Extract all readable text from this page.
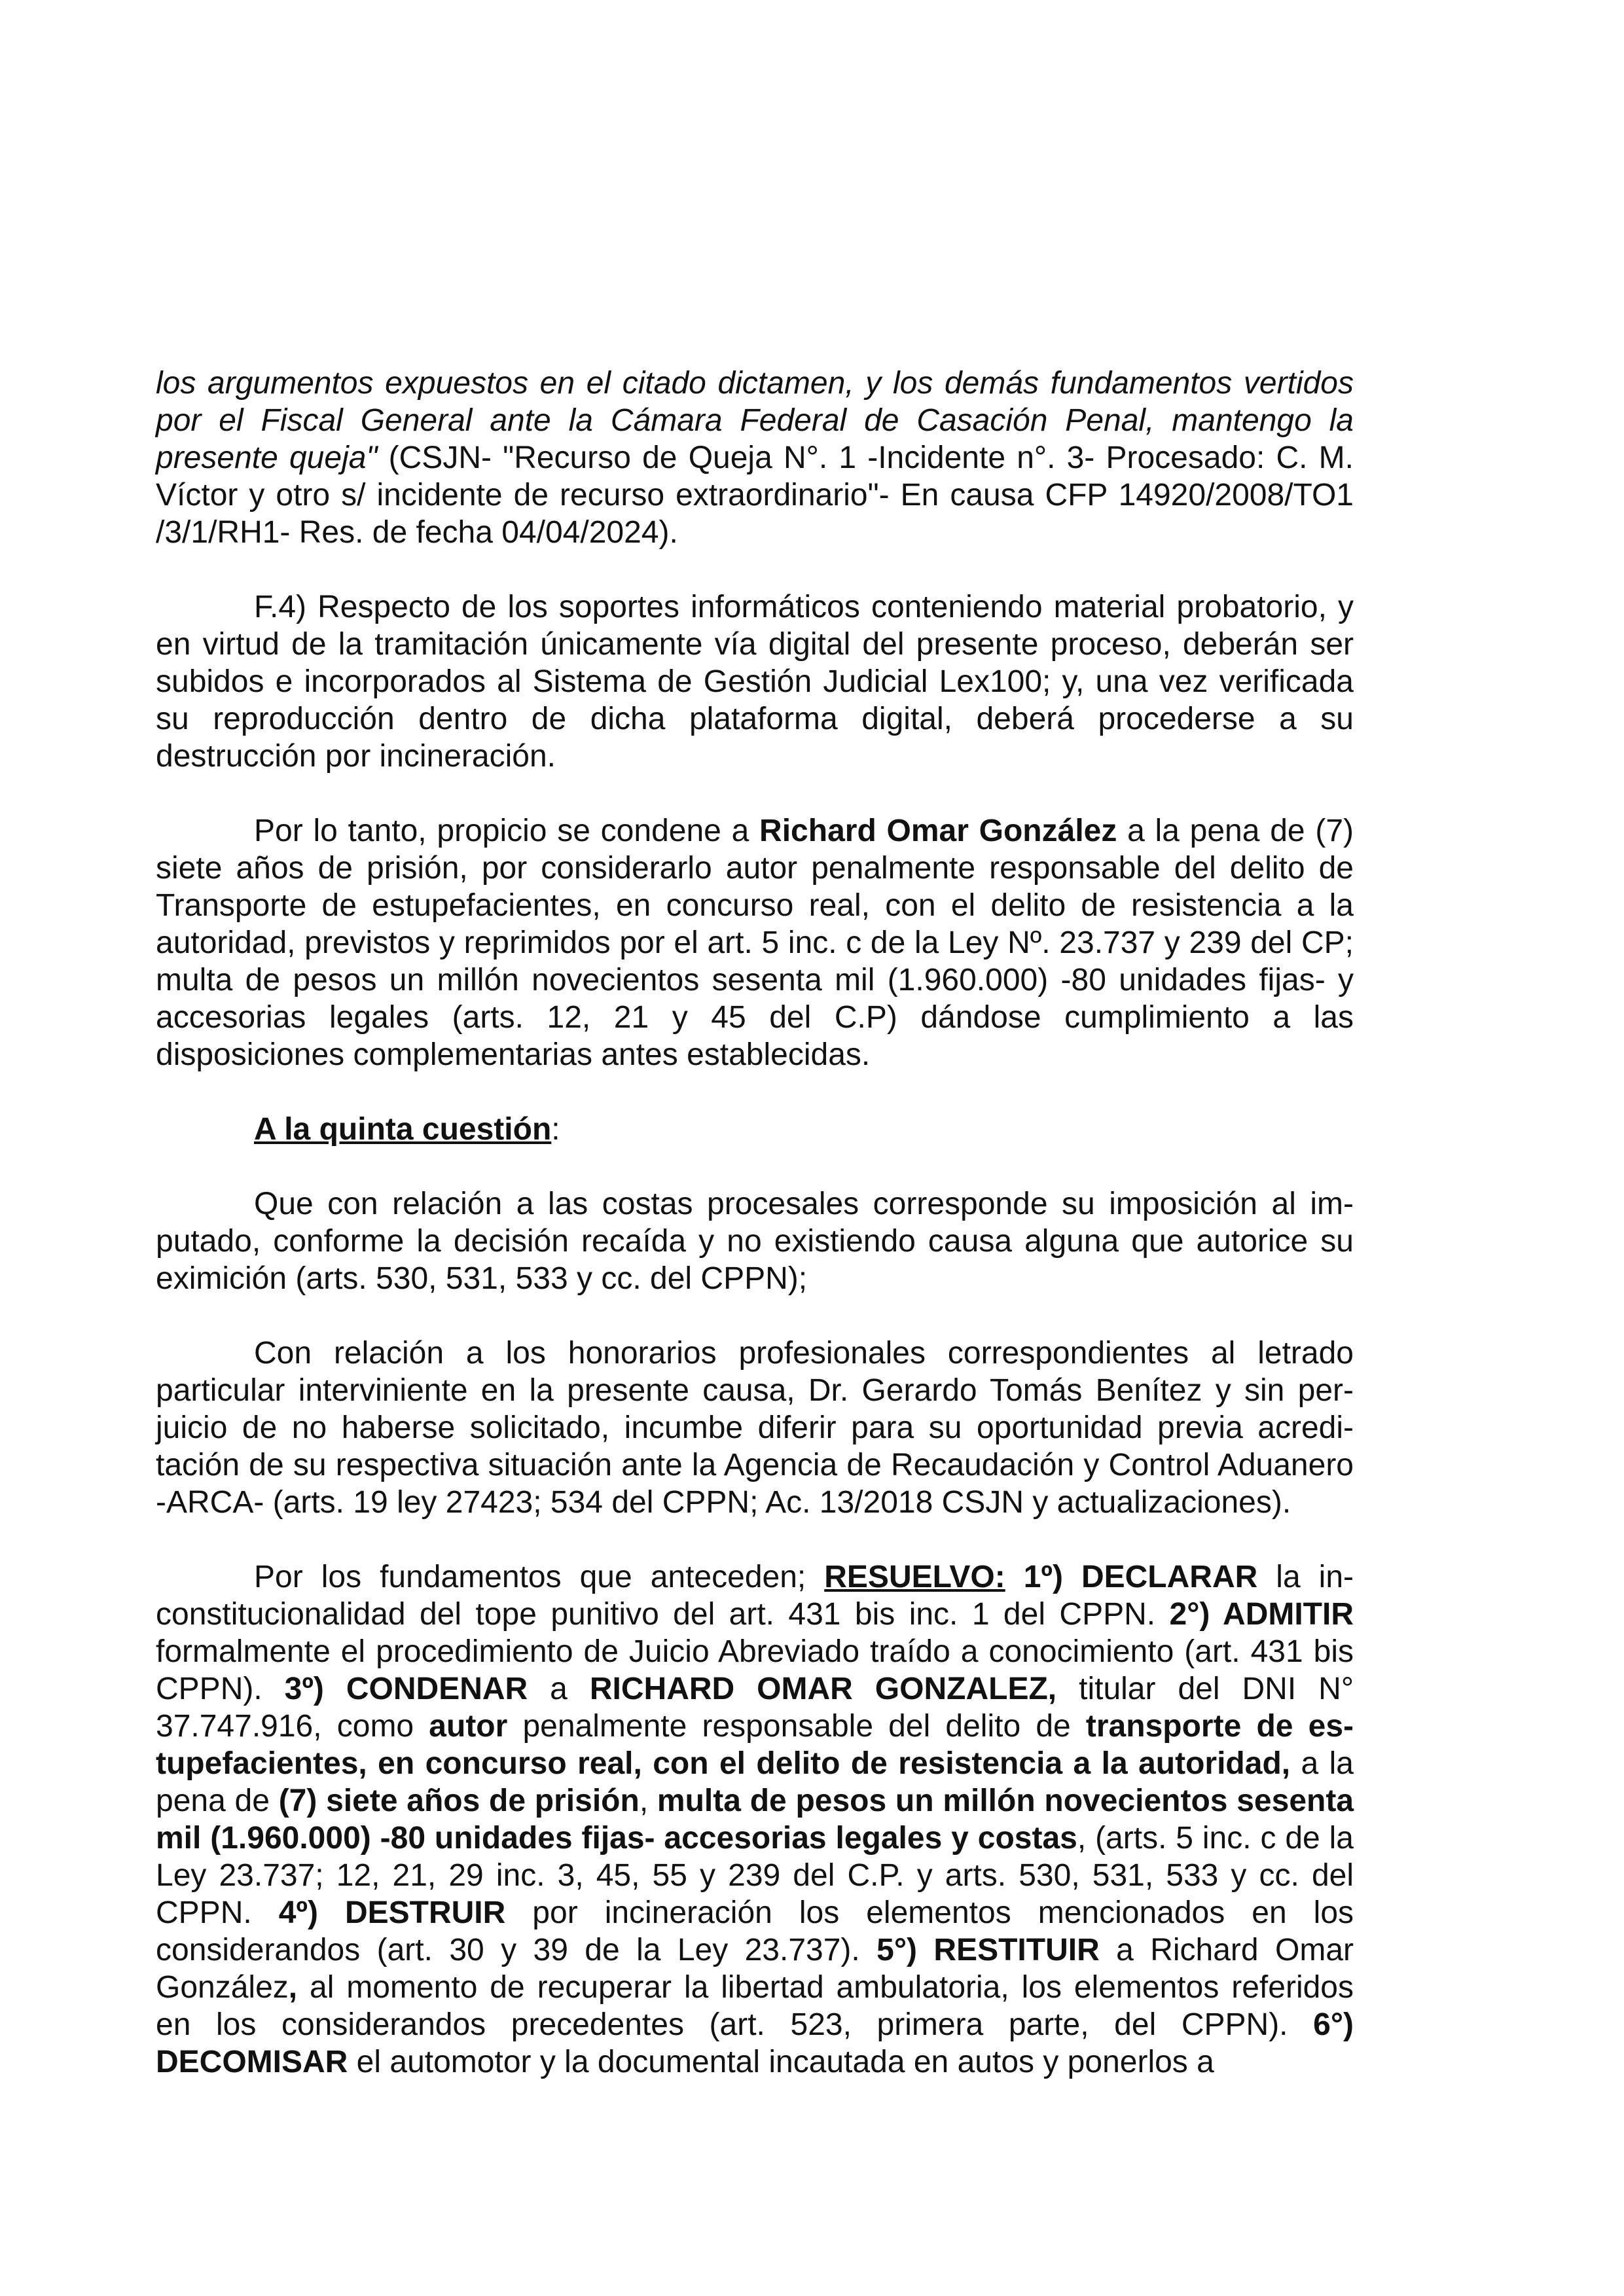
los argumentos expuestos en el citado dictamen, y los demás fundamentos vertidos por el Fiscal General ante la Cámara Federal de Casación Penal, mantengo la presente queja" (CSJN- "Recurso de Queja N°. 1 -Incidente n°. 3- Procesado: C. M. Víctor y otro s/ incidente de recurso extraordinario"- En causa CFP 14920/2008/TO1 /3/1/RH1- Res. de fecha 04/04/2024).

F.4) Respecto de los soportes informáticos conteniendo material probatorio, y en virtud de la tramitación únicamente vía digital del presente proceso, deberán ser subidos e incorporados al Sistema de Gestión Judicial Lex100; y, una vez verificada su reproducción dentro de dicha plataforma digital, deberá procederse a su destrucción por incineración.

Por lo tanto, propicio se condene a Richard Omar González a la pena de (7) siete años de prisión, por considerarlo autor penalmente responsable del delito de Transporte de estupefacientes, en concurso real, con el delito de resistencia a la autoridad, previstos y reprimidos por el art. 5 inc. c de la Ley Nº. 23.737 y 239 del CP; multa de pesos un millón novecientos sesenta mil (1.960.000) -80 unidades fijas- y accesorias legales (arts. 12, 21 y 45 del C.P) dándose cumplimiento a las disposiciones complementarias antes establecidas.

A la quinta cuestión:

Que con relación a las costas procesales corresponde su imposición al imputado, conforme la decisión recaída y no existiendo causa alguna que autorice su eximición (arts. 530, 531, 533 y cc. del CPPN);

Con relación a los honorarios profesionales correspondientes al letrado particular interviniente en la presente causa, Dr. Gerardo Tomás Benítez y sin perjuicio de no haberse solicitado, incumbe diferir para su oportunidad previa acreditación de su respectiva situación ante la Agencia de Recaudación y Control Aduanero -ARCA- (arts. 19 ley 27423; 534 del CPPN; Ac. 13/2018 CSJN y actualizaciones).

Por los fundamentos que anteceden; RESUELVO: 1º) DECLARAR la inconstitucionalidad del tope punitivo del art. 431 bis inc. 1 del CPPN. 2°) ADMITIR formalmente el procedimiento de Juicio Abreviado traído a conocimiento (art. 431 bis CPPN). 3º) CONDENAR a RICHARD OMAR GONZALEZ, titular del DNI N° 37.747.916, como autor penalmente responsable del delito de transporte de estupefacientes, en concurso real, con el delito de resistencia a la autoridad, a la pena de (7) siete años de prisión, multa de pesos un millón novecientos sesenta mil (1.960.000) -80 unidades fijas- accesorias legales y costas, (arts. 5 inc. c de la Ley 23.737; 12, 21, 29 inc. 3, 45, 55 y 239 del C.P. y arts. 530, 531, 533 y cc. del CPPN. 4º) DESTRUIR por incineración los elementos mencionados en los considerandos (art. 30 y 39 de la Ley 23.737). 5°) RESTITUIR a Richard Omar González, al momento de recuperar la libertad ambulatoria, los elementos referidos en los considerandos precedentes (art. 523, primera parte, del CPPN). 6°) DECOMISAR el automotor y la documental incautada en autos y ponerlos a
